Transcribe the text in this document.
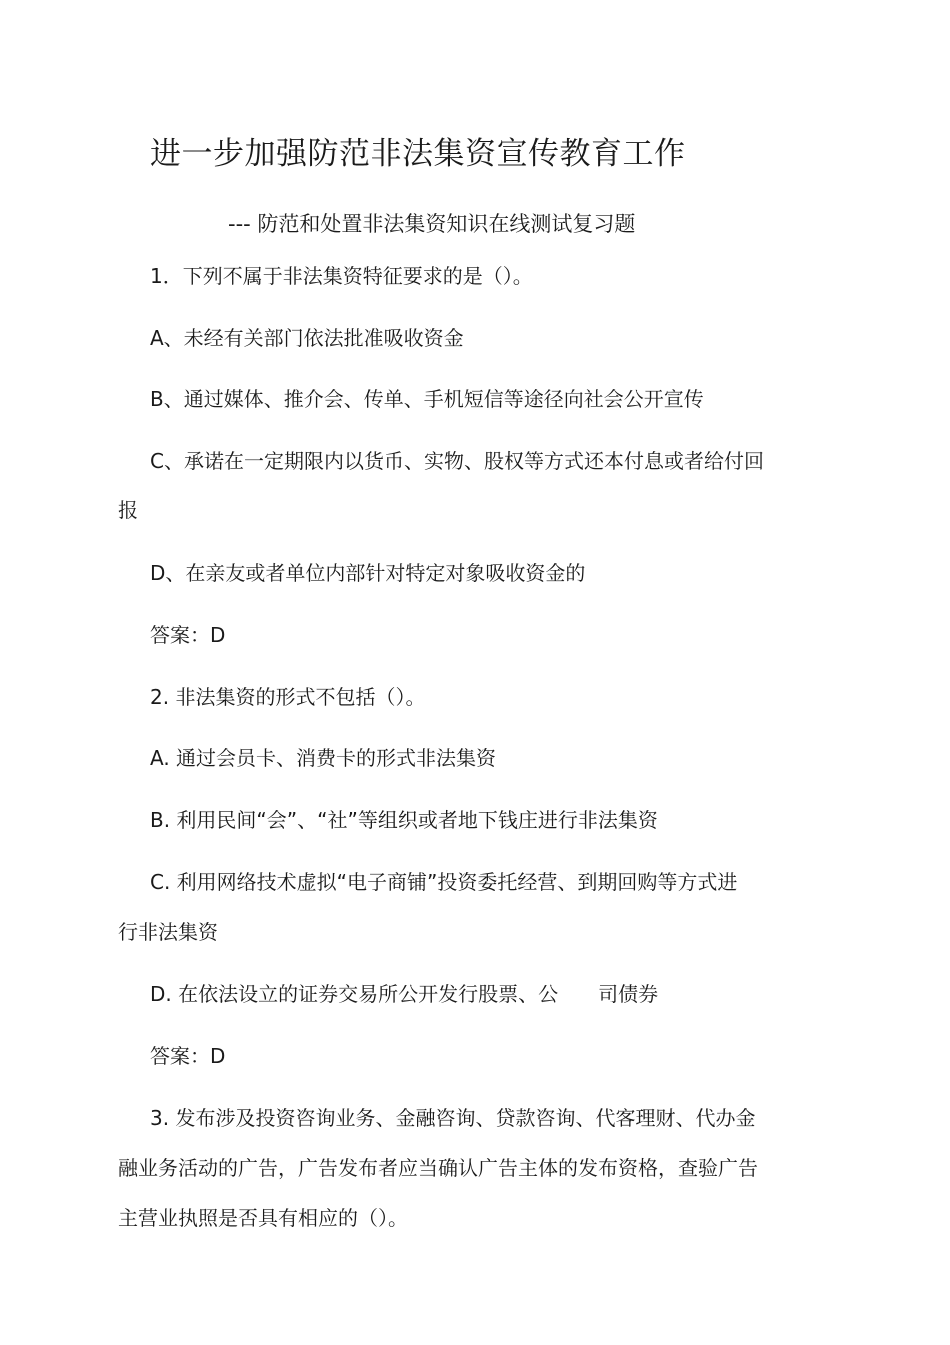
进一步加强防范非法集资宣传教育工作
--- 防范和处置非法集资知识在线测试复习题
1．下列不属于非法集资特征要求的是（）。
A、未经有关部门依法批准吸收资金
B、通过媒体、推介会、传单、手机短信等途径向社会公开宣传
C、承诺在一定期限内以货币、实物、股权等方式还本付息或者给付回
报
D、在亲友或者单位内部针对特定对象吸收资金的
答案：D
2. 非法集资的形式不包括（）。
A. 通过会员卡、消费卡的形式非法集资
B. 利用民间“会”、“社”等组织或者地下钱庄进行非法集资
C. 利用网络技术虚拟“电子商铺”投资委托经营、到期回购等方式进
行非法集资
D. 在依法设立的证券交易所公开发行股票、公 司债券
答案：D
3. 发布涉及投资咨询业务、金融咨询、贷款咨询、代客理财、代办金
融业务活动的广告，广告发布者应当确认广告主体的发布资格，查验广告
主营业执照是否具有相应的（）。
